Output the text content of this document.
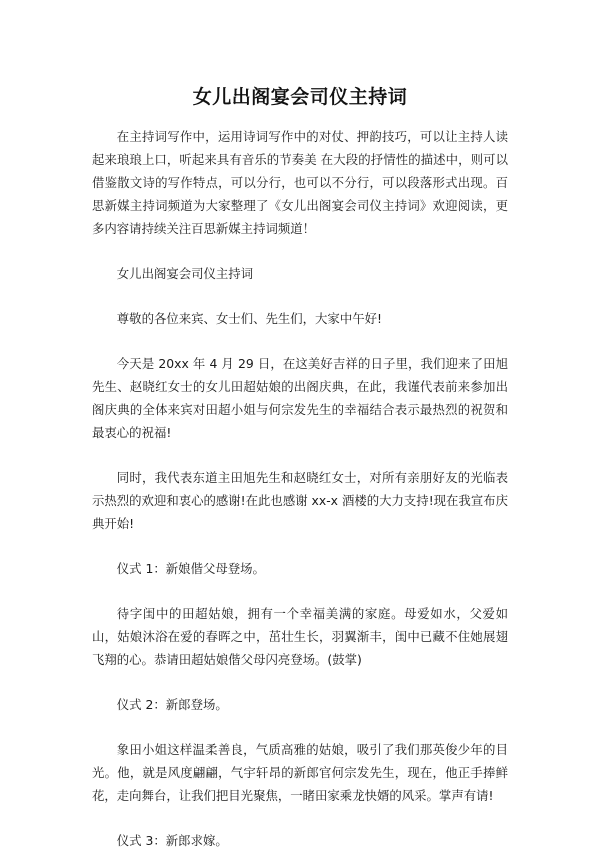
女儿出阁宴会司仪主持词

在主持词写作中，运用诗词写作中的对仗、押韵技巧，可以让主持人读起来琅琅上口，听起来具有音乐的节奏美 在大段的抒情性的描述中，则可以借鉴散文诗的写作特点，可以分行，也可以不分行，可以段落形式出现。百思新媒主持词频道为大家整理了《女儿出阁宴会司仪主持词》欢迎阅读，更多内容请持续关注百思新媒主持词频道！

女儿出阁宴会司仪主持词

尊敬的各位来宾、女士们、先生们，大家中午好!

今天是 20xx 年 4 月 29 日，在这美好吉祥的日子里，我们迎来了田旭先生、赵晓红女士的女儿田超姑娘的出阁庆典，在此，我谨代表前来参加出阁庆典的全体来宾对田超小姐与何宗发先生的幸福结合表示最热烈的祝贺和最衷心的祝福!

同时，我代表东道主田旭先生和赵晓红女士，对所有亲朋好友的光临表示热烈的欢迎和衷心的感谢!在此也感谢 xx-x 酒楼的大力支持!现在我宣布庆典开始!

仪式 1：新娘偕父母登场。

待字闺中的田超姑娘，拥有一个幸福美满的家庭。母爱如水，父爱如山，姑娘沐浴在爱的春晖之中，茁壮生长，羽翼渐丰，闺中已藏不住她展翅飞翔的心。恭请田超姑娘偕父母闪亮登场。(鼓掌)

仪式 2：新郎登场。

象田小姐这样温柔善良，气质高雅的姑娘，吸引了我们那英俊少年的目光。他，就是风度翩翩，气宇轩昂的新郎官何宗发先生，现在，他正手捧鲜花，走向舞台，让我们把目光聚焦，一睹田家乘龙快婿的风采。掌声有请!

仪式 3：新郎求嫁。
